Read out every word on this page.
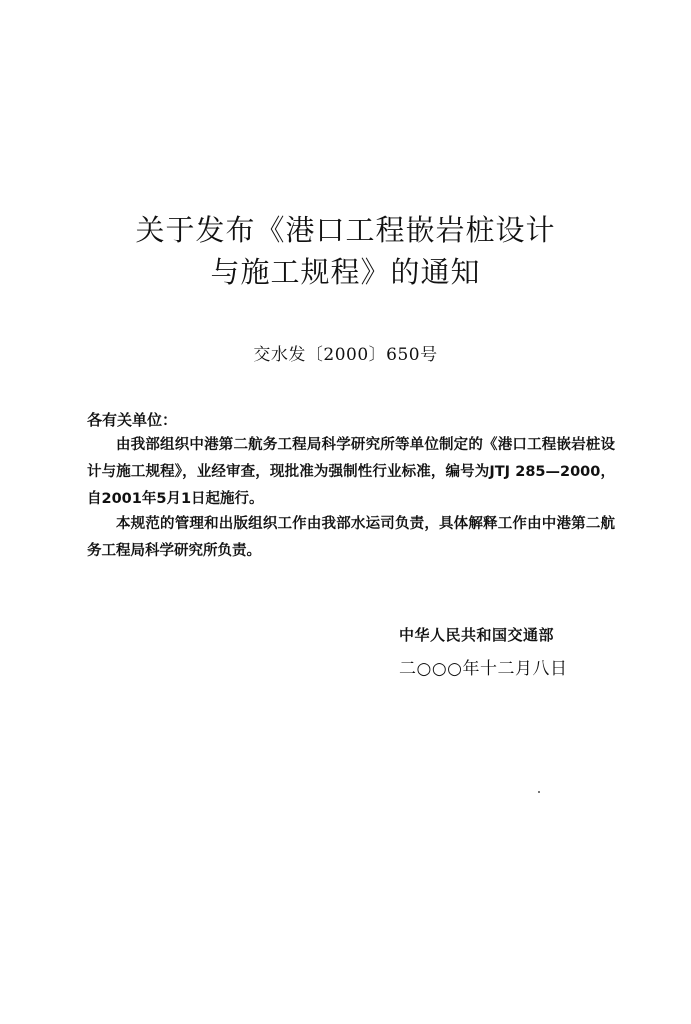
关于发布《港口工程嵌岩桩设计
与施工规程》的通知
交水发〔2000〕650号
各有关单位：

由我部组织中港第二航务工程局科学研究所等单位制定的《港口工程嵌岩桩设计与施工规程》，业经审查，现批准为强制性行业标准，编号为JTJ 285—2000，自2001年5月1日起施行。

本规范的管理和出版组织工作由我部水运司负责，具体解释工作由中港第二航务工程局科学研究所负责。

中华人民共和国交通部
二○○○年十二月八日
